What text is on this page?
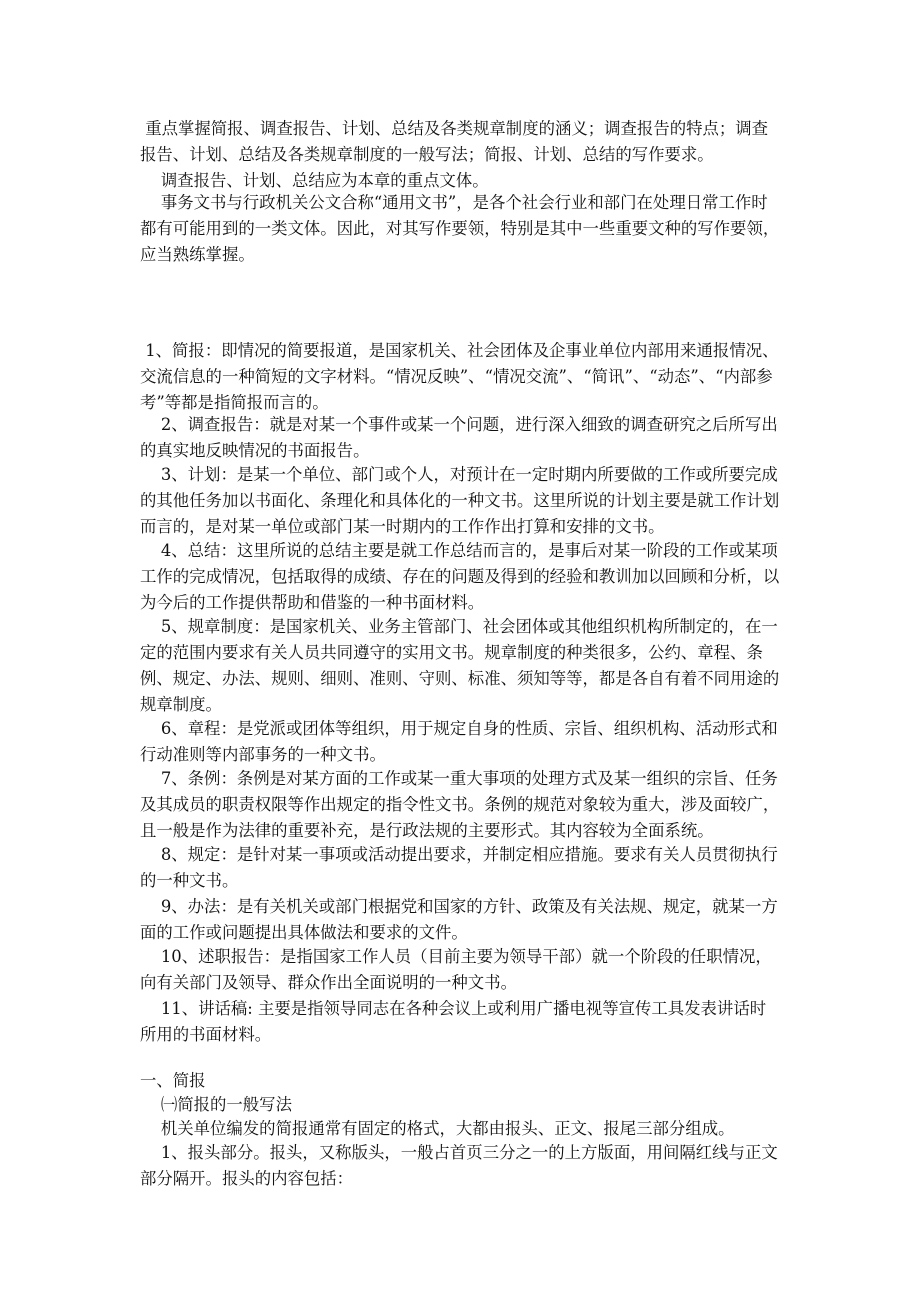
重点掌握简报、调查报告、计划、总结及各类规章制度的涵义；调查报告的特点；调查报告、计划、总结及各类规章制度的一般写法；简报、计划、总结的写作要求。

调查报告、计划、总结应为本章的重点文体。

事务文书与行政机关公文合称“通用文书”，是各个社会行业和部门在处理日常工作时都有可能用到的一类文体。因此，对其写作要领，特别是其中一些重要文种的写作要领，应当熟练掌握。

1、简报：即情况的简要报道，是国家机关、社会团体及企事业单位内部用来通报情况、交流信息的一种简短的文字材料。“情况反映”、“情况交流”、“简讯”、“动态”、“内部参考”等都是指简报而言的。

2、调查报告：就是对某一个事件或某一个问题，进行深入细致的调查研究之后所写出的真实地反映情况的书面报告。

3、计划：是某一个单位、部门或个人，对预计在一定时期内所要做的工作或所要完成的其他任务加以书面化、条理化和具体化的一种文书。这里所说的计划主要是就工作计划而言的，是对某一单位或部门某一时期内的工作作出打算和安排的文书。

4、总结：这里所说的总结主要是就工作总结而言的，是事后对某一阶段的工作或某项工作的完成情况，包括取得的成绩、存在的问题及得到的经验和教训加以回顾和分析，以为今后的工作提供帮助和借鉴的一种书面材料。

5、规章制度：是国家机关、业务主管部门、社会团体或其他组织机构所制定的，在一定的范围内要求有关人员共同遵守的实用文书。规章制度的种类很多，公约、章程、条例、规定、办法、规则、细则、准则、守则、标准、须知等等，都是各自有着不同用途的规章制度。

6、章程：是党派或团体等组织，用于规定自身的性质、宗旨、组织机构、活动形式和行动准则等内部事务的一种文书。

7、条例：条例是对某方面的工作或某一重大事项的处理方式及某一组织的宗旨、任务及其成员的职责权限等作出规定的指令性文书。条例的规范对象较为重大，涉及面较广，且一般是作为法律的重要补充，是行政法规的主要形式。其内容较为全面系统。

8、规定：是针对某一事项或活动提出要求，并制定相应措施。要求有关人员贯彻执行的一种文书。

9、办法：是有关机关或部门根据党和国家的方针、政策及有关法规、规定，就某一方面的工作或问题提出具体做法和要求的文件。

10、述职报告：是指国家工作人员（目前主要为领导干部）就一个阶段的任职情况，向有关部门及领导、群众作出全面说明的一种文书。

11、讲话稿: 主要是指领导同志在各种会议上或利用广播电视等宣传工具发表讲话时所用的书面材料。

一、简报

㈠简报的一般写法

机关单位编发的简报通常有固定的格式，大都由报头、正文、报尾三部分组成。

1、报头部分。报头，又称版头，一般占首页三分之一的上方版面，用间隔红线与正文部分隔开。报头的内容包括：
